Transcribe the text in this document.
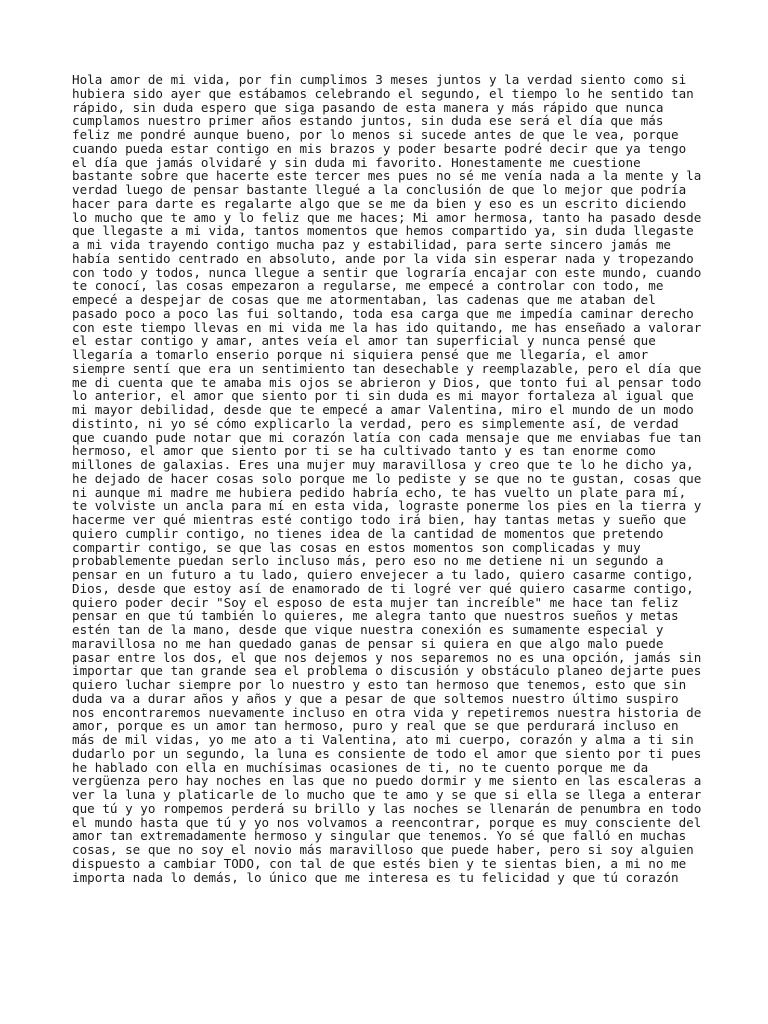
Hola amor de mi vida, por fin cumplimos 3 meses juntos y la verdad siento como si
hubiera sido ayer que estábamos celebrando el segundo, el tiempo lo he sentido tan
rápido, sin duda espero que siga pasando de esta manera y más rápido que nunca
cumplamos nuestro primer años estando juntos, sin duda ese será el día que más
feliz me pondré aunque bueno, por lo menos si sucede antes de que le vea, porque
cuando pueda estar contigo en mis brazos y poder besarte podré decir que ya tengo
el día que jamás olvidaré y sin duda mi favorito. Honestamente me cuestione
bastante sobre que hacerte este tercer mes pues no sé me venía nada a la mente y la
verdad luego de pensar bastante llegué a la conclusión de que lo mejor que podría
hacer para darte es regalarte algo que se me da bien y eso es un escrito diciendo
lo mucho que te amo y lo feliz que me haces; Mi amor hermosa, tanto ha pasado desde
que llegaste a mi vida, tantos momentos que hemos compartido ya, sin duda llegaste
a mi vida trayendo contigo mucha paz y estabilidad, para serte sincero jamás me
había sentido centrado en absoluto, ande por la vida sin esperar nada y tropezando
con todo y todos, nunca llegue a sentir que lograría encajar con este mundo, cuando
te conocí, las cosas empezaron a regularse, me empecé a controlar con todo, me
empecé a despejar de cosas que me atormentaban, las cadenas que me ataban del
pasado poco a poco las fui soltando, toda esa carga que me impedía caminar derecho
con este tiempo llevas en mi vida me la has ido quitando, me has enseñado a valorar
el estar contigo y amar, antes veía el amor tan superficial y nunca pensé que
llegaría a tomarlo enserio porque ni siquiera pensé que me llegaría, el amor
siempre sentí que era un sentimiento tan desechable y reemplazable, pero el día que
me di cuenta que te amaba mis ojos se abrieron y Dios, que tonto fui al pensar todo
lo anterior, el amor que siento por ti sin duda es mi mayor fortaleza al igual que
mi mayor debilidad, desde que te empecé a amar Valentina, miro el mundo de un modo
distinto, ni yo sé cómo explicarlo la verdad, pero es simplemente así, de verdad
que cuando pude notar que mi corazón latía con cada mensaje que me enviabas fue tan
hermoso, el amor que siento por ti se ha cultivado tanto y es tan enorme como
millones de galaxias. Eres una mujer muy maravillosa y creo que te lo he dicho ya,
he dejado de hacer cosas solo porque me lo pediste y se que no te gustan, cosas que
ni aunque mi madre me hubiera pedido habría echo, te has vuelto un plate para mí,
te volviste un ancla para mí en esta vida, lograste ponerme los pies en la tierra y
hacerme ver qué mientras esté contigo todo irá bien, hay tantas metas y sueño que
quiero cumplir contigo, no tienes idea de la cantidad de momentos que pretendo
compartir contigo, se que las cosas en estos momentos son complicadas y muy
probablemente puedan serlo incluso más, pero eso no me detiene ni un segundo a
pensar en un futuro a tu lado, quiero envejecer a tu lado, quiero casarme contigo,
Dios, desde que estoy así de enamorado de ti logré ver qué quiero casarme contigo,
quiero poder decir "Soy el esposo de esta mujer tan increíble" me hace tan feliz
pensar en que tú también lo quieres, me alegra tanto que nuestros sueños y metas
estén tan de la mano, desde que vique nuestra conexión es sumamente especial y
maravillosa no me han quedado ganas de pensar si quiera en que algo malo puede
pasar entre los dos, el que nos dejemos y nos separemos no es una opción, jamás sin
importar que tan grande sea el problema o discusión y obstáculo planeo dejarte pues
quiero luchar siempre por lo nuestro y esto tan hermoso que tenemos, esto que sin
duda va a durar años y años y que a pesar de que soltemos nuestro último suspiro
nos encontraremos nuevamente incluso en otra vida y repetiremos nuestra historia de
amor, porque es un amor tan hermoso, puro y real que se que perdurará incluso en
más de mil vidas, yo me ato a ti Valentina, ato mi cuerpo, corazón y alma a ti sin
dudarlo por un segundo, la luna es consiente de todo el amor que siento por ti pues
he hablado con ella en muchísimas ocasiones de ti, no te cuento porque me da
vergüenza pero hay noches en las que no puedo dormir y me siento en las escaleras a
ver la luna y platicarle de lo mucho que te amo y se que si ella se llega a enterar
que tú y yo rompemos perderá su brillo y las noches se llenarán de penumbra en todo
el mundo hasta que tú y yo nos volvamos a reencontrar, porque es muy consciente del
amor tan extremadamente hermoso y singular que tenemos. Yo sé que falló en muchas
cosas, se que no soy el novio más maravilloso que puede haber, pero si soy alguien
dispuesto a cambiar TODO, con tal de que estés bien y te sientas bien, a mi no me
importa nada lo demás, lo único que me interesa es tu felicidad y que tú corazón
